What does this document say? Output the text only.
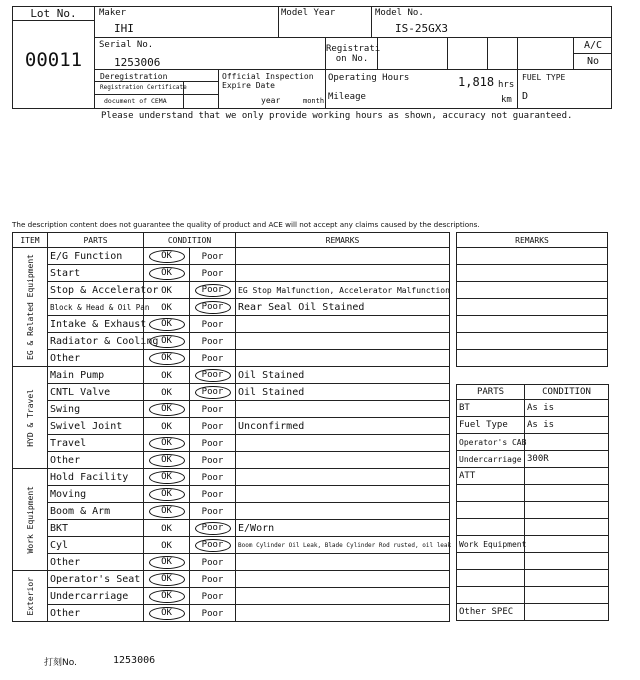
Lot No.
00011
Maker
IHI
Model Year	Model No.
IS-25GX3
Serial No.
1253006
Registrati
on No.
A/C
No
Deregistration
Registration Certificate
document of CEMA
Official Inspection
Expire Date
year	month
Operating Hours	1,818 hrs
Mileage	km
FUEL TYPE
D
Please understand that we only provide working hours as shown, accuracy not guaranteed.
The description content does not guarantee the quality of product and ACE will not accept any claims caused by the descriptions.
ITEM	PARTS	CONDITION		REMARKS

EG & Related Equipment	E/G Function	OK	Poor	
	Start	OK	Poor	
	Stop & Accelerator	OK	Poor	EG Stop Malfunction, Accelerator Malfunction
	Block & Head & Oil Pan	OK	Poor	Rear Seal Oil Stained
	Intake & Exhaust	OK	Poor	
	Radiator & Cooling	OK	Poor	
	Other	OK	Poor	

HYD & Travel	Main Pump	OK	Poor	Oil Stained
	CNTL Valve	OK	Poor	Oil Stained
	Swing	OK	Poor	
	Swivel Joint	OK	Poor	Unconfirmed
	Travel	OK	Poor	
	Other	OK	Poor	

Work Equipment	Hold Facility	OK	Poor	
	Moving	OK	Poor	
	Boom & Arm	OK	Poor	
	BKT	OK	Poor	E/Worn
	Cyl	OK	Poor	Boom Cylinder Oil Leak, Blade Cylinder Rod rusted, oil leak
	Other	OK	Poor	

Exterior	Operator's Seat	OK	Poor	
	Undercarriage	OK	Poor	
	Other	OK	Poor	
REMARKS

PARTS	CONDITION
BT	As is
Fuel Type	As is
Operator's CAB	
Undercarriage	300R
ATT	

Work Equipment	

Other SPEC	
打刻No.	1253006
